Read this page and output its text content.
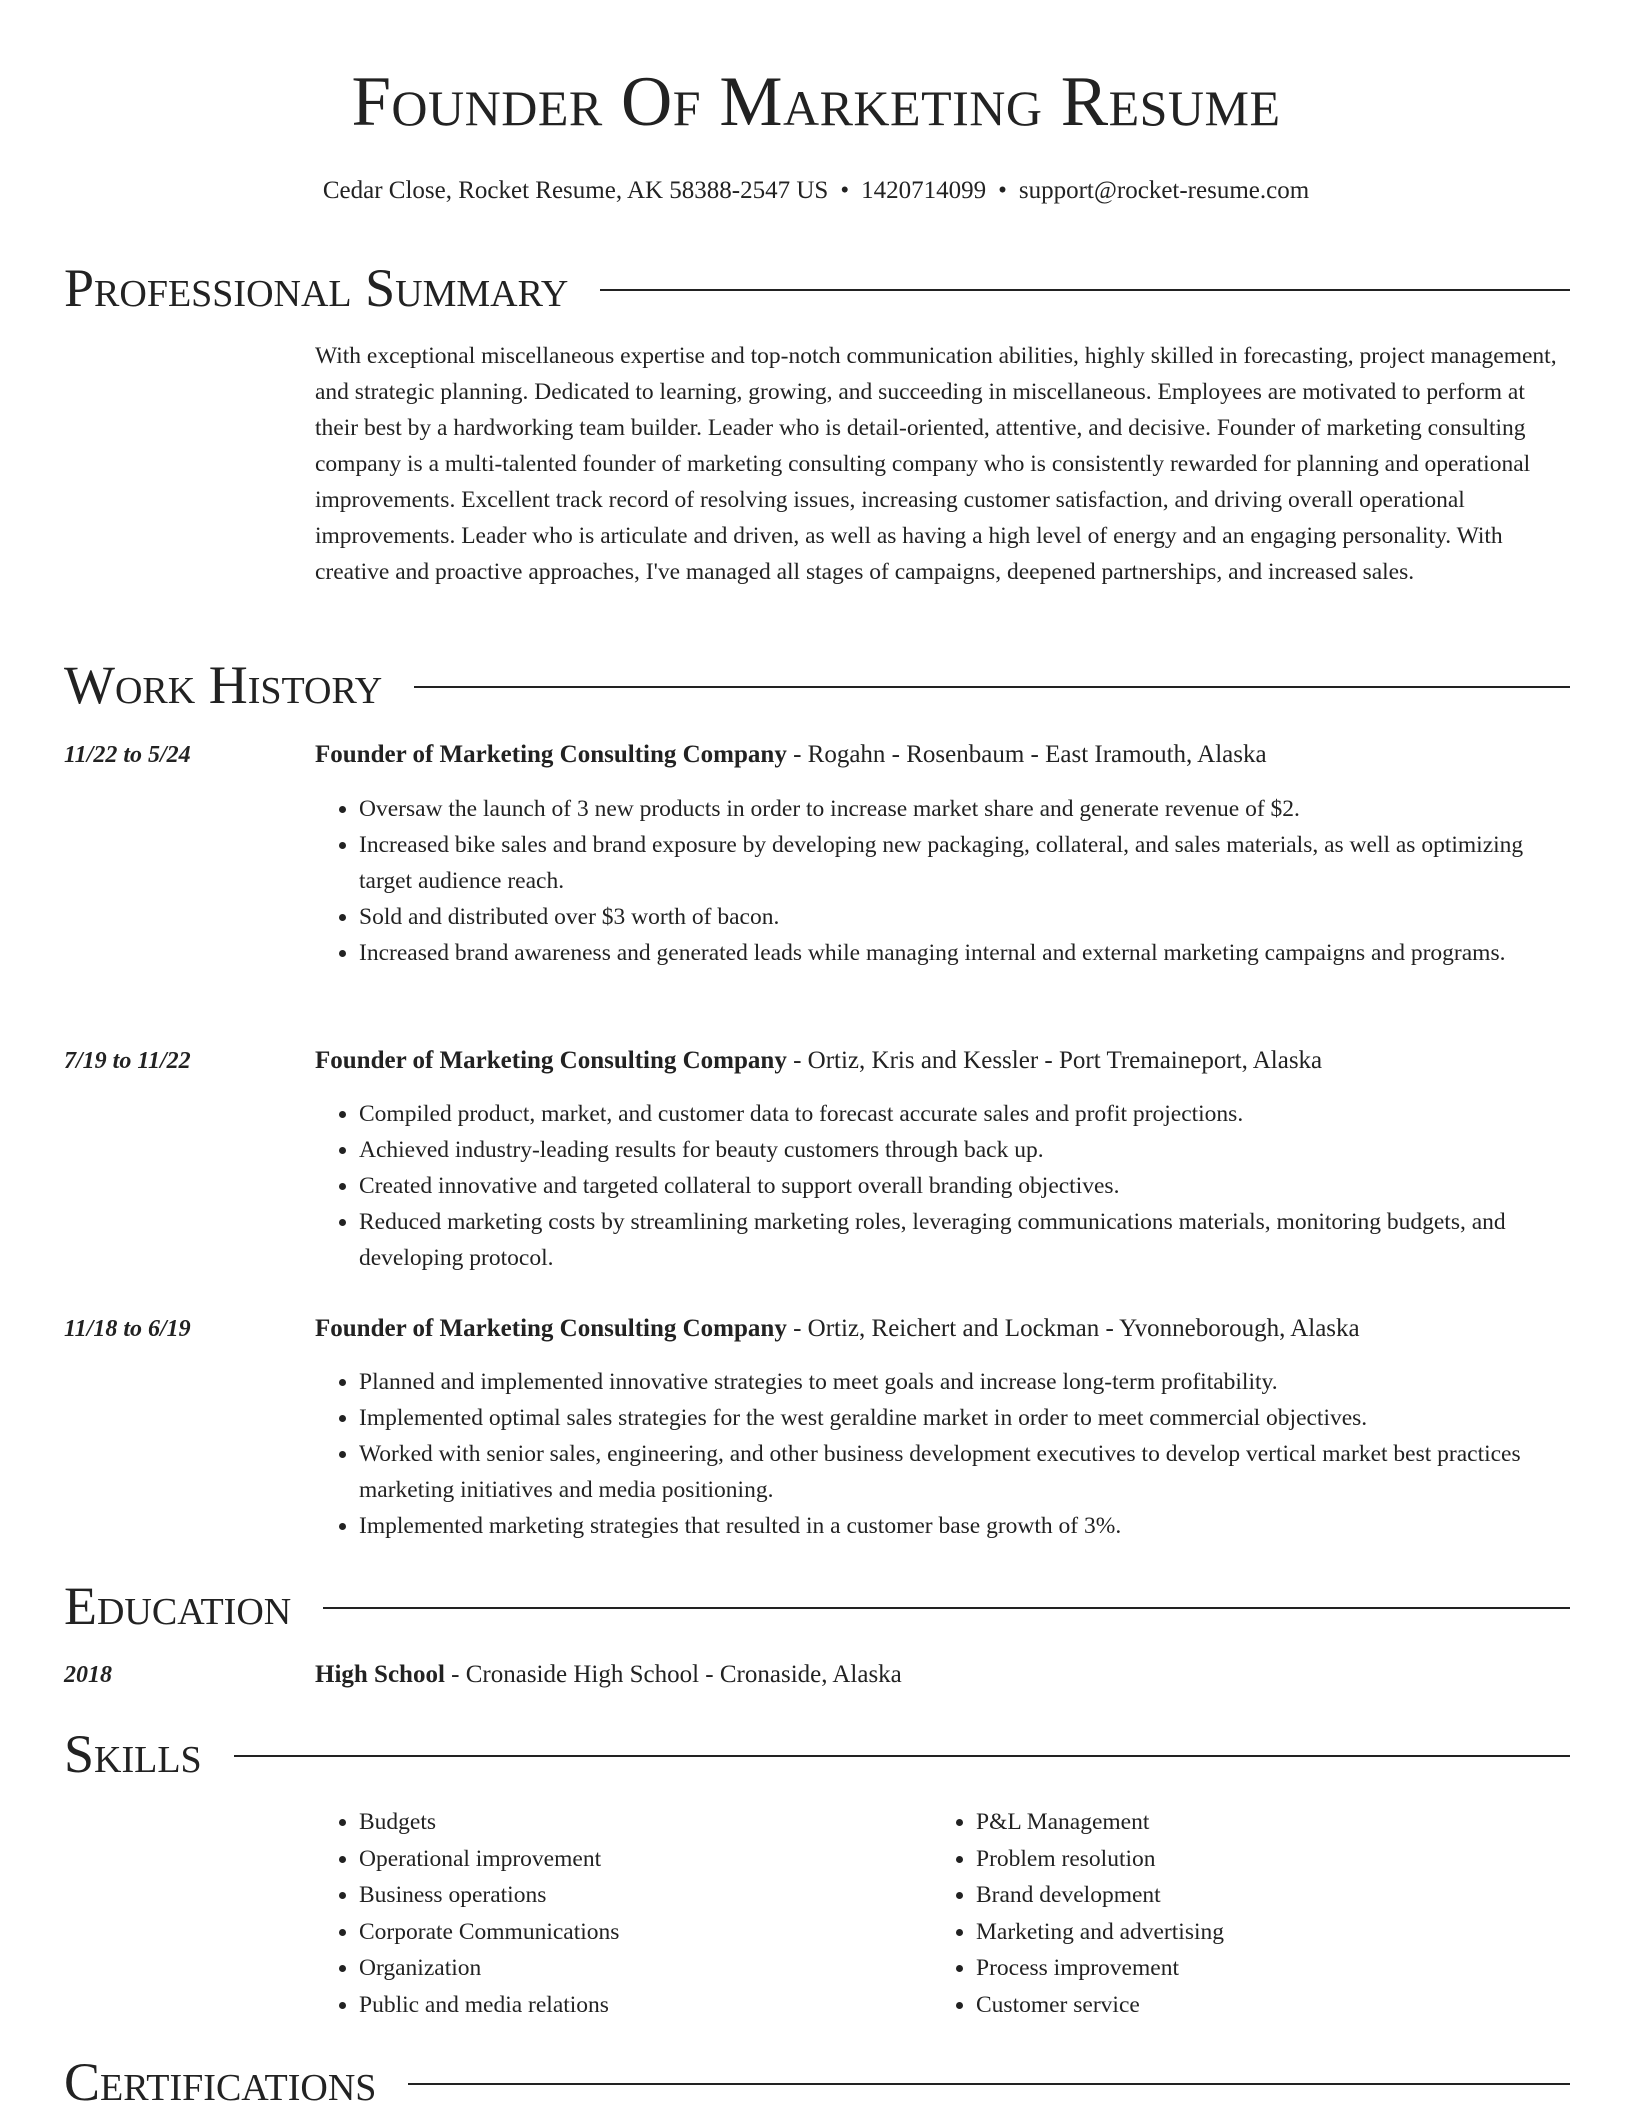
Founder Of Marketing Resume
Cedar Close, Rocket Resume, AK 58388-2547 US • 1420714099 • support@rocket-resume.com
Professional Summary
With exceptional miscellaneous expertise and top-notch communication abilities, highly skilled in forecasting, project management, and strategic planning. Dedicated to learning, growing, and succeeding in miscellaneous. Employees are motivated to perform at their best by a hardworking team builder. Leader who is detail-oriented, attentive, and decisive. Founder of marketing consulting company is a multi-talented founder of marketing consulting company who is consistently rewarded for planning and operational improvements. Excellent track record of resolving issues, increasing customer satisfaction, and driving overall operational improvements. Leader who is articulate and driven, as well as having a high level of energy and an engaging personality. With creative and proactive approaches, I've managed all stages of campaigns, deepened partnerships, and increased sales.
Work History
11/22 to 5/24	Founder of Marketing Consulting Company - Rogahn - Rosenbaum - East Iramouth, Alaska
• Oversaw the launch of 3 new products in order to increase market share and generate revenue of $2.
• Increased bike sales and brand exposure by developing new packaging, collateral, and sales materials, as well as optimizing target audience reach.
• Sold and distributed over $3 worth of bacon.
• Increased brand awareness and generated leads while managing internal and external marketing campaigns and programs.
7/19 to 11/22	Founder of Marketing Consulting Company - Ortiz, Kris and Kessler - Port Tremaineport, Alaska
• Compiled product, market, and customer data to forecast accurate sales and profit projections.
• Achieved industry-leading results for beauty customers through back up.
• Created innovative and targeted collateral to support overall branding objectives.
• Reduced marketing costs by streamlining marketing roles, leveraging communications materials, monitoring budgets, and developing protocol.
11/18 to 6/19	Founder of Marketing Consulting Company - Ortiz, Reichert and Lockman - Yvonneborough, Alaska
• Planned and implemented innovative strategies to meet goals and increase long-term profitability.
• Implemented optimal sales strategies for the west geraldine market in order to meet commercial objectives.
• Worked with senior sales, engineering, and other business development executives to develop vertical market best practices marketing initiatives and media positioning.
• Implemented marketing strategies that resulted in a customer base growth of 3%.
Education
2018	High School - Cronaside High School - Cronaside, Alaska
Skills
• Budgets
• Operational improvement
• Business operations
• Corporate Communications
• Organization
• Public and media relations
• P&L Management
• Problem resolution
• Brand development
• Marketing and advertising
• Process improvement
• Customer service
Certifications
